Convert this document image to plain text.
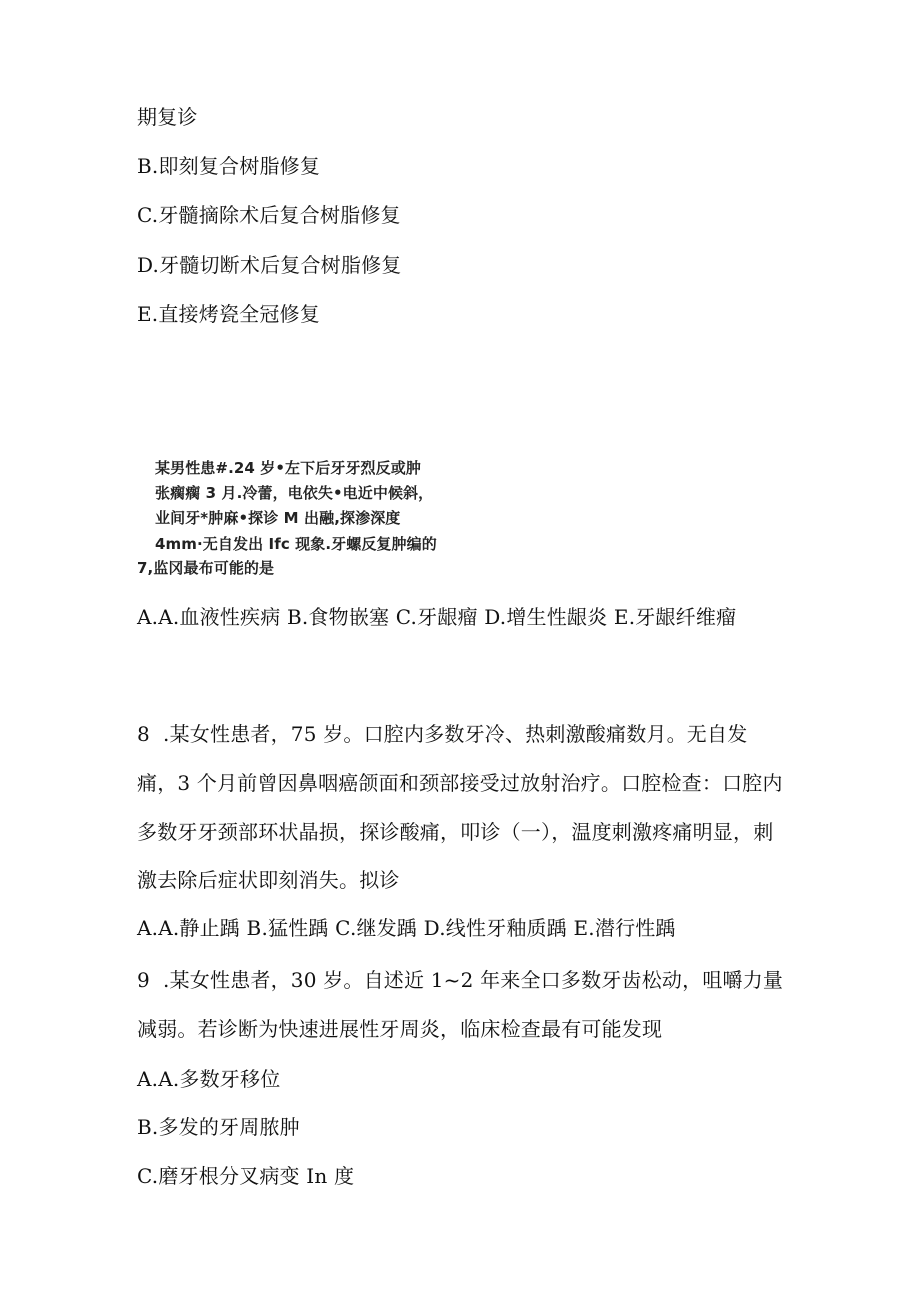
期复诊
B.即刻复合树脂修复
C.牙髓摘除术后复合树脂修复
D.牙髓切断术后复合树脂修复
E.直接烤瓷全冠修复
某男性患#.24 岁•左下后牙牙烈反或肿
张瘸瘸 3 月.冷蕾，电依失•电近中候斜，
业间牙*肿麻•探诊 M 出融,探渗深度
4mm·无自发出 Ifc 现象.牙螺反复肿编的
7,监冈最布可能的是
A.A.血液性疾病 B.食物嵌塞 C.牙龈瘤 D.增生性龈炎 E.牙龈纤维瘤
8  .某女性患者，75 岁。口腔内多数牙冷、热刺激酸痛数月。无自发
痛，3 个月前曾因鼻咽癌颌面和颈部接受过放射治疗。口腔检查：口腔内
多数牙牙颈部环状晶损，探诊酸痛，叩诊（一），温度刺激疼痛明显，刺
激去除后症状即刻消失。拟诊
A.A.静止踽 B.猛性踽 C.继发踽 D.线性牙釉质踽 E.潜行性踽
9  .某女性患者，30 岁。自述近 1~2 年来全口多数牙齿松动，咀嚼力量
减弱。若诊断为快速进展性牙周炎，临床检查最有可能发现
A.A.多数牙移位
B.多发的牙周脓肿
C.磨牙根分叉病变 In 度
